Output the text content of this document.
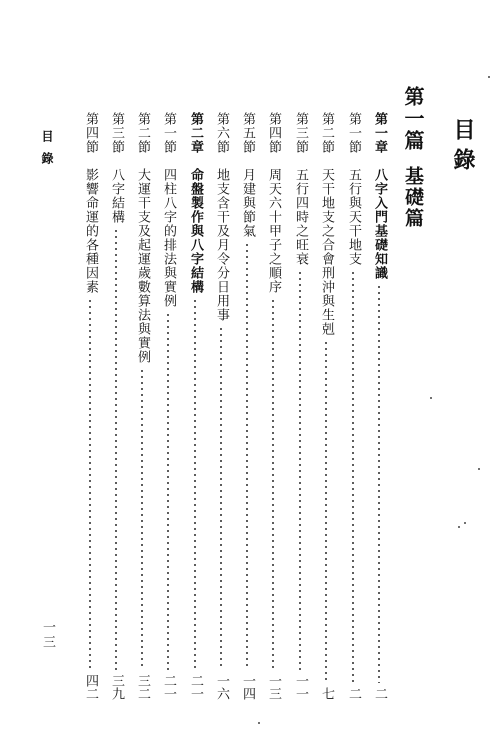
目錄
第一篇
基礎篇
目錄
一三
第一章
八字入門基礎知識
二
第一節
五行與天干地支
二
第二節
天干地支之合會刑沖與生剋
七
第三節
五行四時之旺衰
一一
第四節
周天六十甲子之順序
一三
第五節
月建與節氣
一四
第六節
地支含干及月令分日用事
一六
第二章
命盤製作與八字結構
二一
第一節
四柱八字的排法與實例
二一
第二節
大運干支及起運歲數算法與實例
三二
第三節
八字結構
三九
第四節
影響命運的各種因素
四二
